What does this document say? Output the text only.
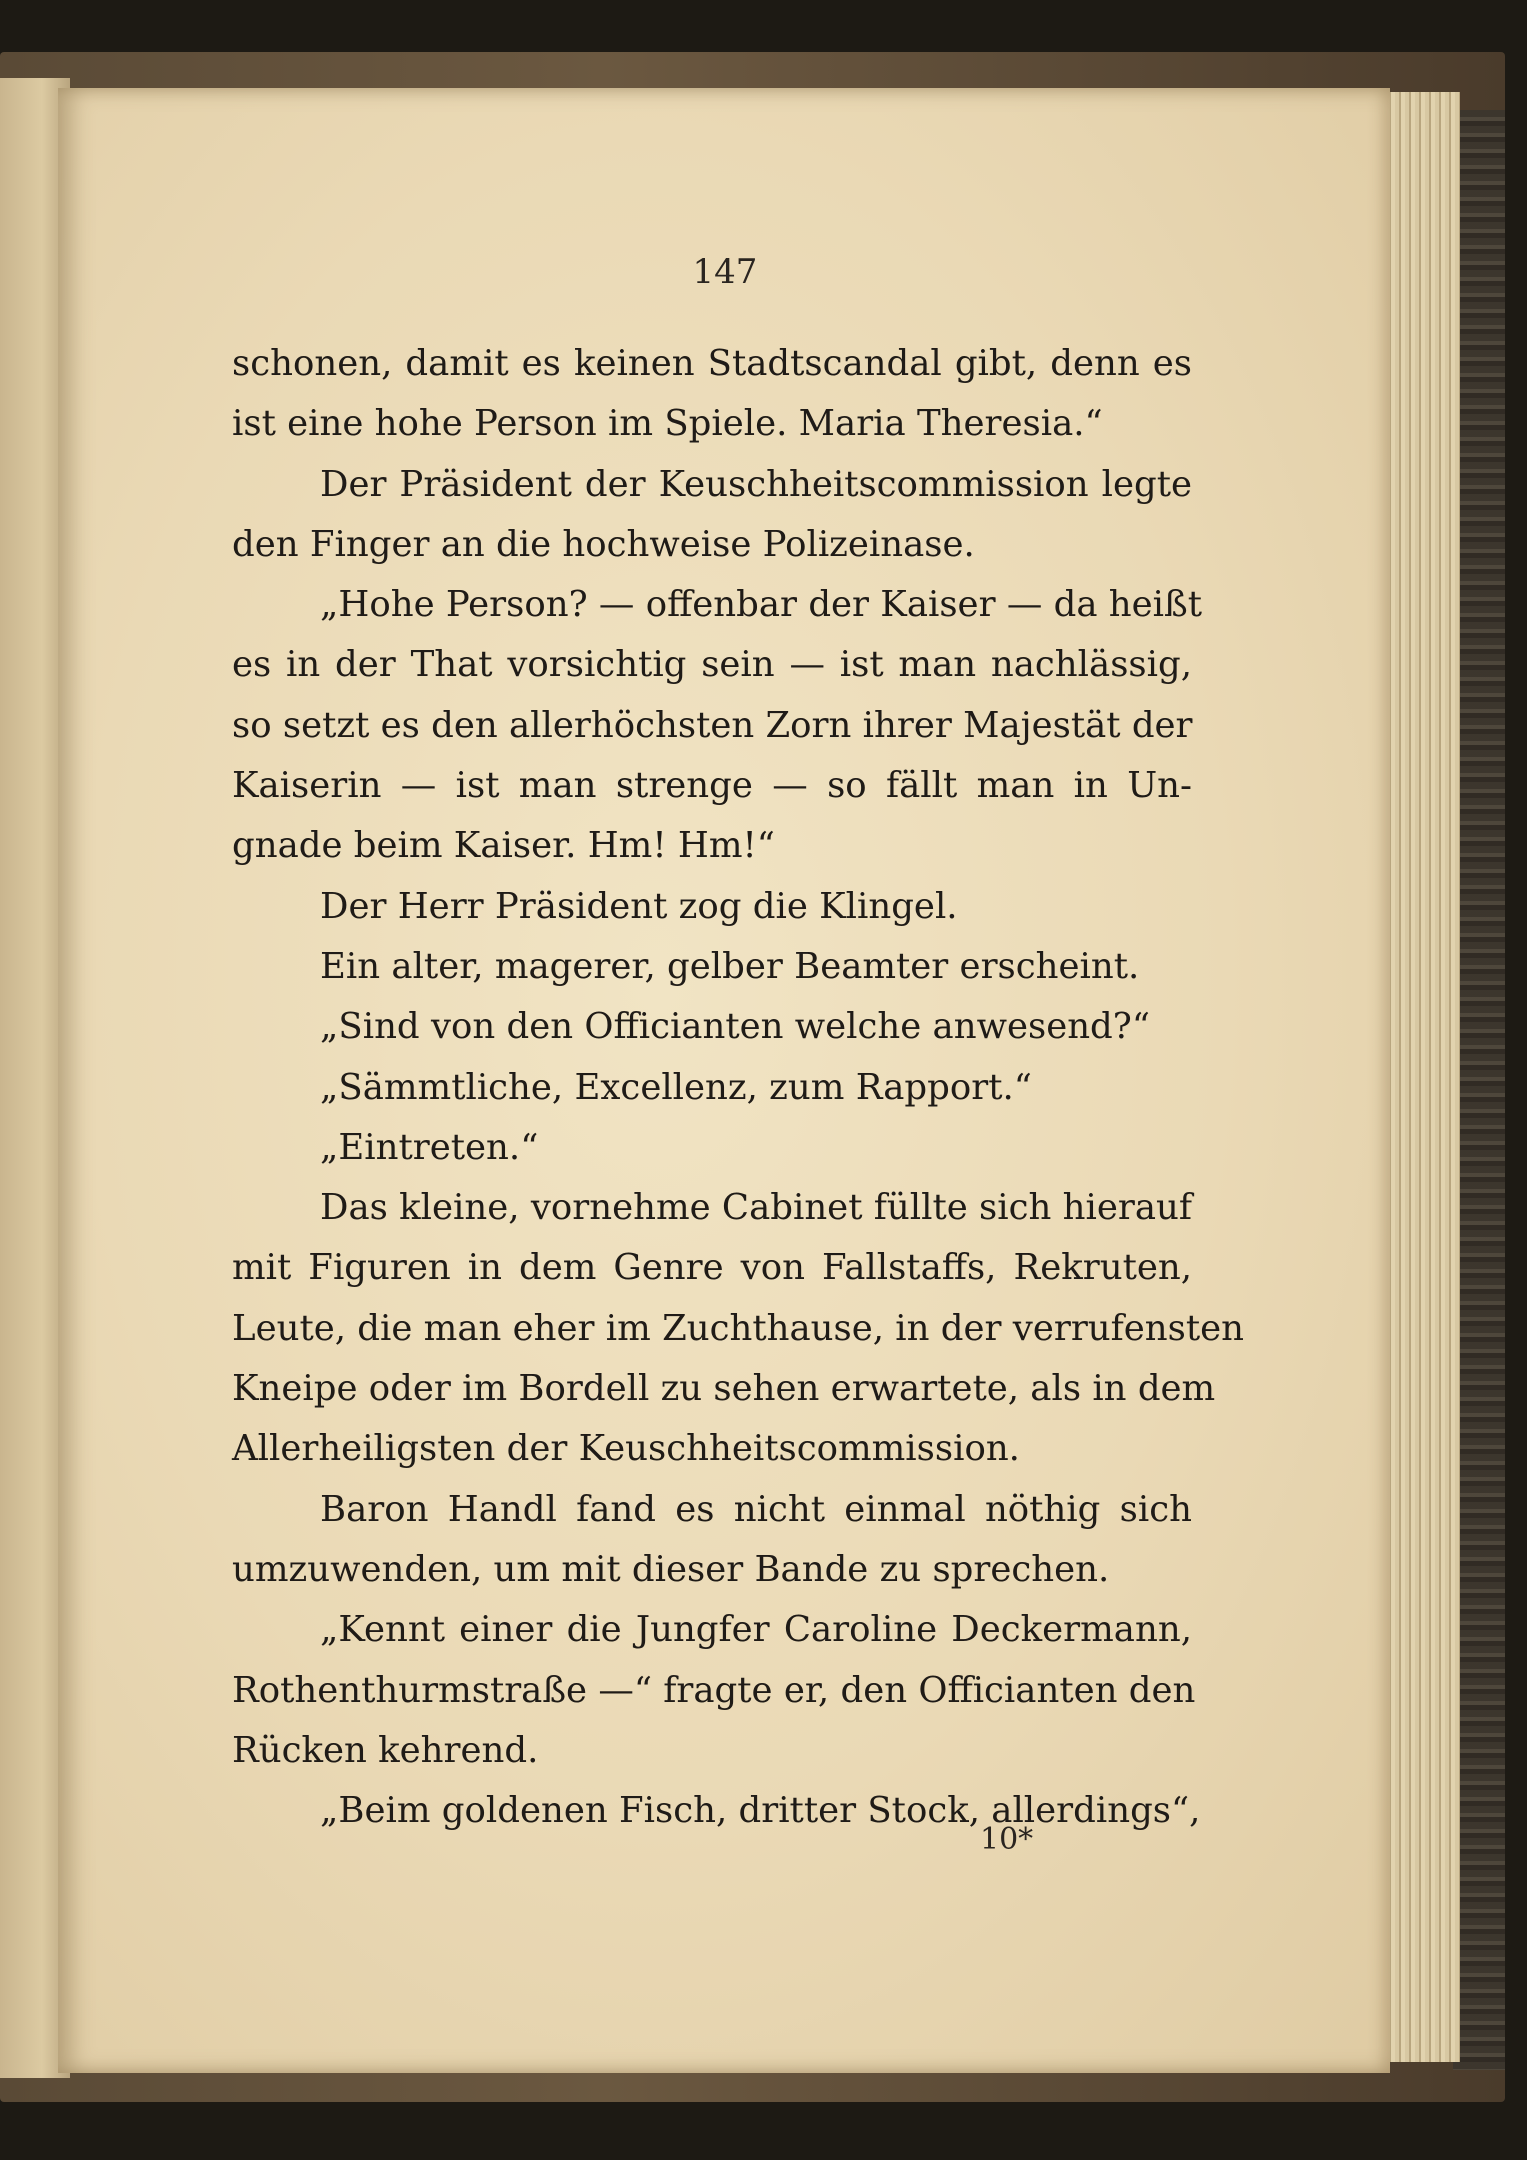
147
schonen, damit es keinen Stadtscandal gibt, denn es
ist eine hohe Person im Spiele. Maria Theresia.“
Der Präsident der Keuschheitscommission legte
den Finger an die hochweise Polizeinase.
„Hohe Person? — offenbar der Kaiser — da heißt
es in der That vorsichtig sein — ist man nachlässig,
so setzt es den allerhöchsten Zorn ihrer Majestät der
Kaiserin — ist man strenge — so fällt man in Un-
gnade beim Kaiser. Hm! Hm!“
Der Herr Präsident zog die Klingel.
Ein alter, magerer, gelber Beamter erscheint.
„Sind von den Officianten welche anwesend?“
„Sämmtliche, Excellenz, zum Rapport.“
„Eintreten.“
Das kleine, vornehme Cabinet füllte sich hierauf
mit Figuren in dem Genre von Fallstaffs, Rekruten,
Leute, die man eher im Zuchthause, in der verrufensten
Kneipe oder im Bordell zu sehen erwartete, als in dem
Allerheiligsten der Keuschheitscommission.
Baron Handl fand es nicht einmal nöthig sich
umzuwenden, um mit dieser Bande zu sprechen.
„Kennt einer die Jungfer Caroline Deckermann,
Rothenthurmstraße —“ fragte er, den Officianten den
Rücken kehrend.
„Beim goldenen Fisch, dritter Stock, allerdings“,
10*
